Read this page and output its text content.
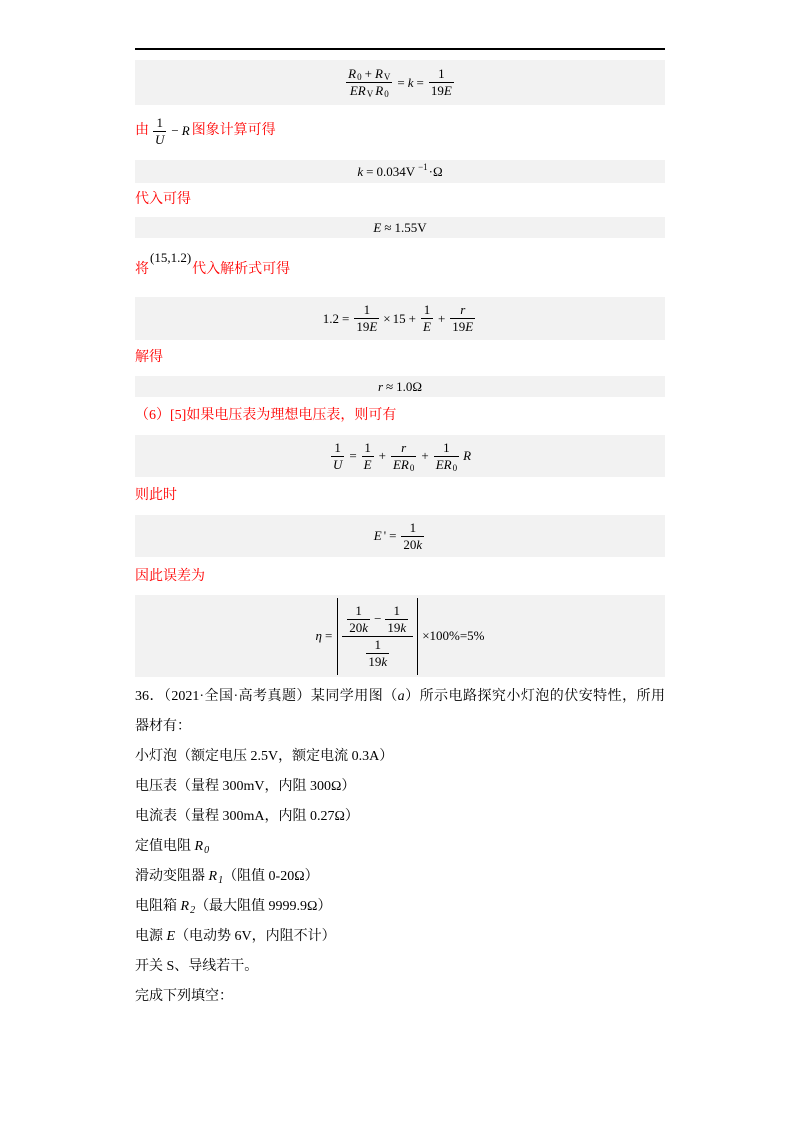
$\frac{\text{R 0 + R V}}{\text{E R V R 0}} = k = \frac{1}{19 E}$
由 $\frac{1}{U} - R$ 图象计算可得
k = 0.034V −1 ·Ω
代入可得
E ≈ 1.55V
将
(15,1.2)
代入解析式可得
$1.2 = \frac{1}{19 E} \times 15 + \frac{1}{E} + \frac{r}{19 E}$
解得
r ≈ 1.0Ω
（6）[5]如果电压表为理想电压表，则可有
$\frac{1}{U} = \frac{1}{E} + \frac{r}{ER 0} + \frac{1}{ER 0}$ R
则此时
E ' = $\frac{1}{20 k}$
因此误差为
$\eta = \frac{1}{20 k} - \frac{1}{19 k}$
$\frac{1}{19 k}$
×100%=5%
36．（2021·全国·高考真题）某同学用图（a）所示电路探究小灯泡的伏安特性，所用
器材有：
小灯泡（额定电压 2.5V，额定电流 0.3A）
电压表（量程 300mV，内阻 300Ω）
电流表（量程 300mA，内阻 0.27Ω）
定值电阻 $R_0$
滑动变阻器 $R_1$（阻值 0-20Ω）
电阻箱 $R_2$（最大阻值 9999.9Ω）
电源 E（电动势 6V，内阻不计）
开关 S、导线若干。
完成下列填空：
